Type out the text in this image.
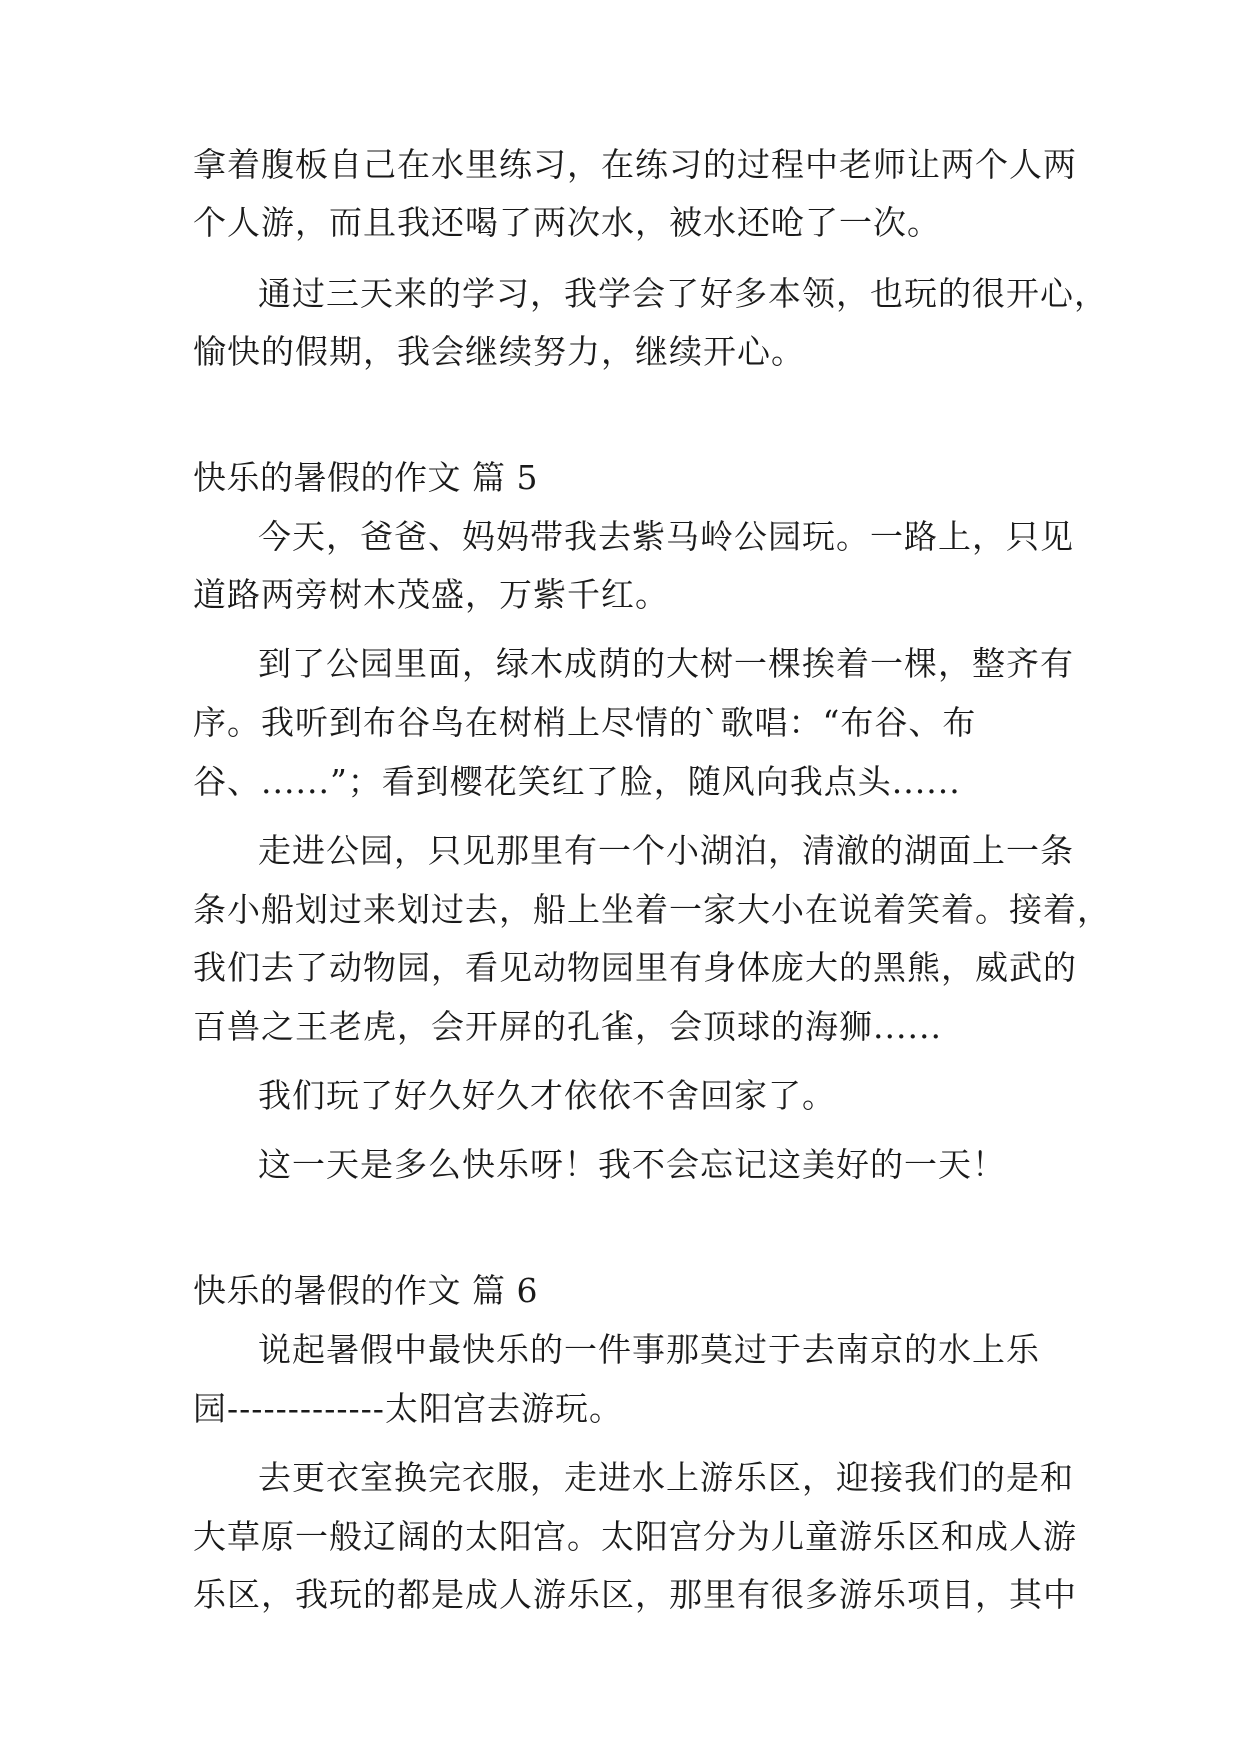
拿着腹板自己在水里练习，在练习的过程中老师让两个人两
个人游，而且我还喝了两次水，被水还呛了一次。
通过三天来的学习，我学会了好多本领，也玩的很开心，
愉快的假期，我会继续努力，继续开心。
快乐的暑假的作文 篇 5
今天，爸爸、妈妈带我去紫马岭公园玩。一路上，只见
道路两旁树木茂盛，万紫千红。
到了公园里面，绿木成荫的大树一棵挨着一棵，整齐有
序。我听到布谷鸟在树梢上尽情的`歌唱：“布谷、布
谷、......”；看到樱花笑红了脸，随风向我点头......
走进公园，只见那里有一个小湖泊，清澈的湖面上一条
条小船划过来划过去，船上坐着一家大小在说着笑着。接着，
我们去了动物园，看见动物园里有身体庞大的黑熊，威武的
百兽之王老虎，会开屏的孔雀，会顶球的海狮......
我们玩了好久好久才依依不舍回家了。
这一天是多么快乐呀！我不会忘记这美好的一天！
快乐的暑假的作文 篇 6
说起暑假中最快乐的一件事那莫过于去南京的水上乐
园-------------太阳宫去游玩。
去更衣室换完衣服，走进水上游乐区，迎接我们的是和
大草原一般辽阔的太阳宫。太阳宫分为儿童游乐区和成人游
乐区，我玩的都是成人游乐区，那里有很多游乐项目，其中
